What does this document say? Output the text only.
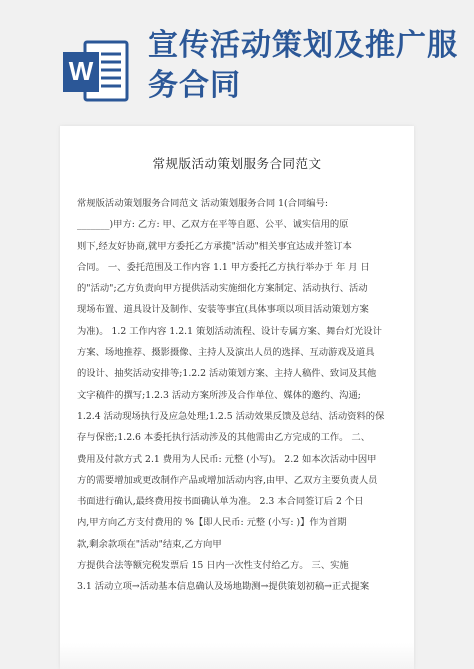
W
宣传活动策划及推广服务合同
常规版活动策划服务合同范文
常规版活动策划服务合同范文 活动策划服务合同 1(合同编号:
_______)甲方: 乙方: 甲、乙双方在平等自愿、公平、诚实信用的原
则下,经友好协商,就甲方委托乙方承揽"活动"相关事宜达成并签订本
合同。 一、委托范围及工作内容 1.1 甲方委托乙方执行举办于 年 月 日
的"活动";乙方负责向甲方提供活动实施细化方案制定、活动执行、活动
现场布置、道具设计及制作、安装等事宜(具体事项以项目活动策划方案
为准)。 1.2 工作内容 1.2.1 策划活动流程、设计专属方案、舞台灯光设计
方案、场地推荐、摄影摄像、主持人及演出人员的选择、互动游戏及道具
的设计、抽奖活动安排等;1.2.2 活动策划方案、主持人稿件、致词及其他
文字稿件的撰写;1.2.3 活动方案所涉及合作单位、媒体的邀约、沟通;
1.2.4 活动现场执行及应急处理;1.2.5 活动效果反馈及总结、活动资料的保
存与保密;1.2.6 本委托执行活动涉及的其他需由乙方完成的工作。 二、
费用及付款方式 2.1 费用为人民币: 元整 (小写)。 2.2 如本次活动中因甲
方的需要增加或更改制作产品或增加活动内容,由甲、乙双方主要负责人员
书面进行确认,最终费用按书面确认单为准。 2.3 本合同签订后 2 个日
内,甲方向乙方支付费用的 %【即人民币: 元整 (小写: )】作为首期
款,剩余款项在"活动"结束,乙方向甲
方提供合法等额完税发票后 15 日内一次性支付给乙方。 三、实施
3.1 活动立项→活动基本信息确认及场地勘测→提供策划初稿→正式提案
